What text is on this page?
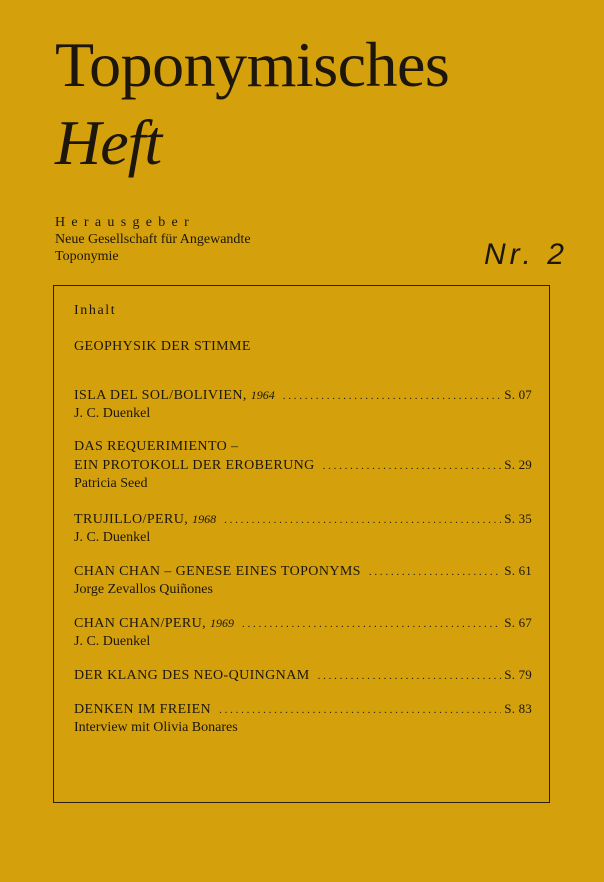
Toponymisches
Heft
Herausgeber
Neue Gesellschaft für Angewandte
Toponymie	Nr. 2
Inhalt
GEOPHYSIK DER STIMME
ISLA DEL SOL/BOLIVIEN, 1964 . . .	S. 07
J. C. Duenkel
DAS REQUERIMIENTO –
EIN PROTOKOLL DER EROBERUNG . . .	S. 29
Patricia Seed
TRUJILLO/PERU, 1968 . . .	S. 35
J. C. Duenkel
CHAN CHAN – GENESE EINES TOPONYMS . . .	S. 61
Jorge Zevallos Quiñones
CHAN CHAN/PERU, 1969 . . .	S. 67
J. C. Duenkel
DER KLANG DES NEO-QUINGNAM . . .	S. 79
DENKEN IM FREIEN . . .	S. 83
Interview mit Olivia Bonares
